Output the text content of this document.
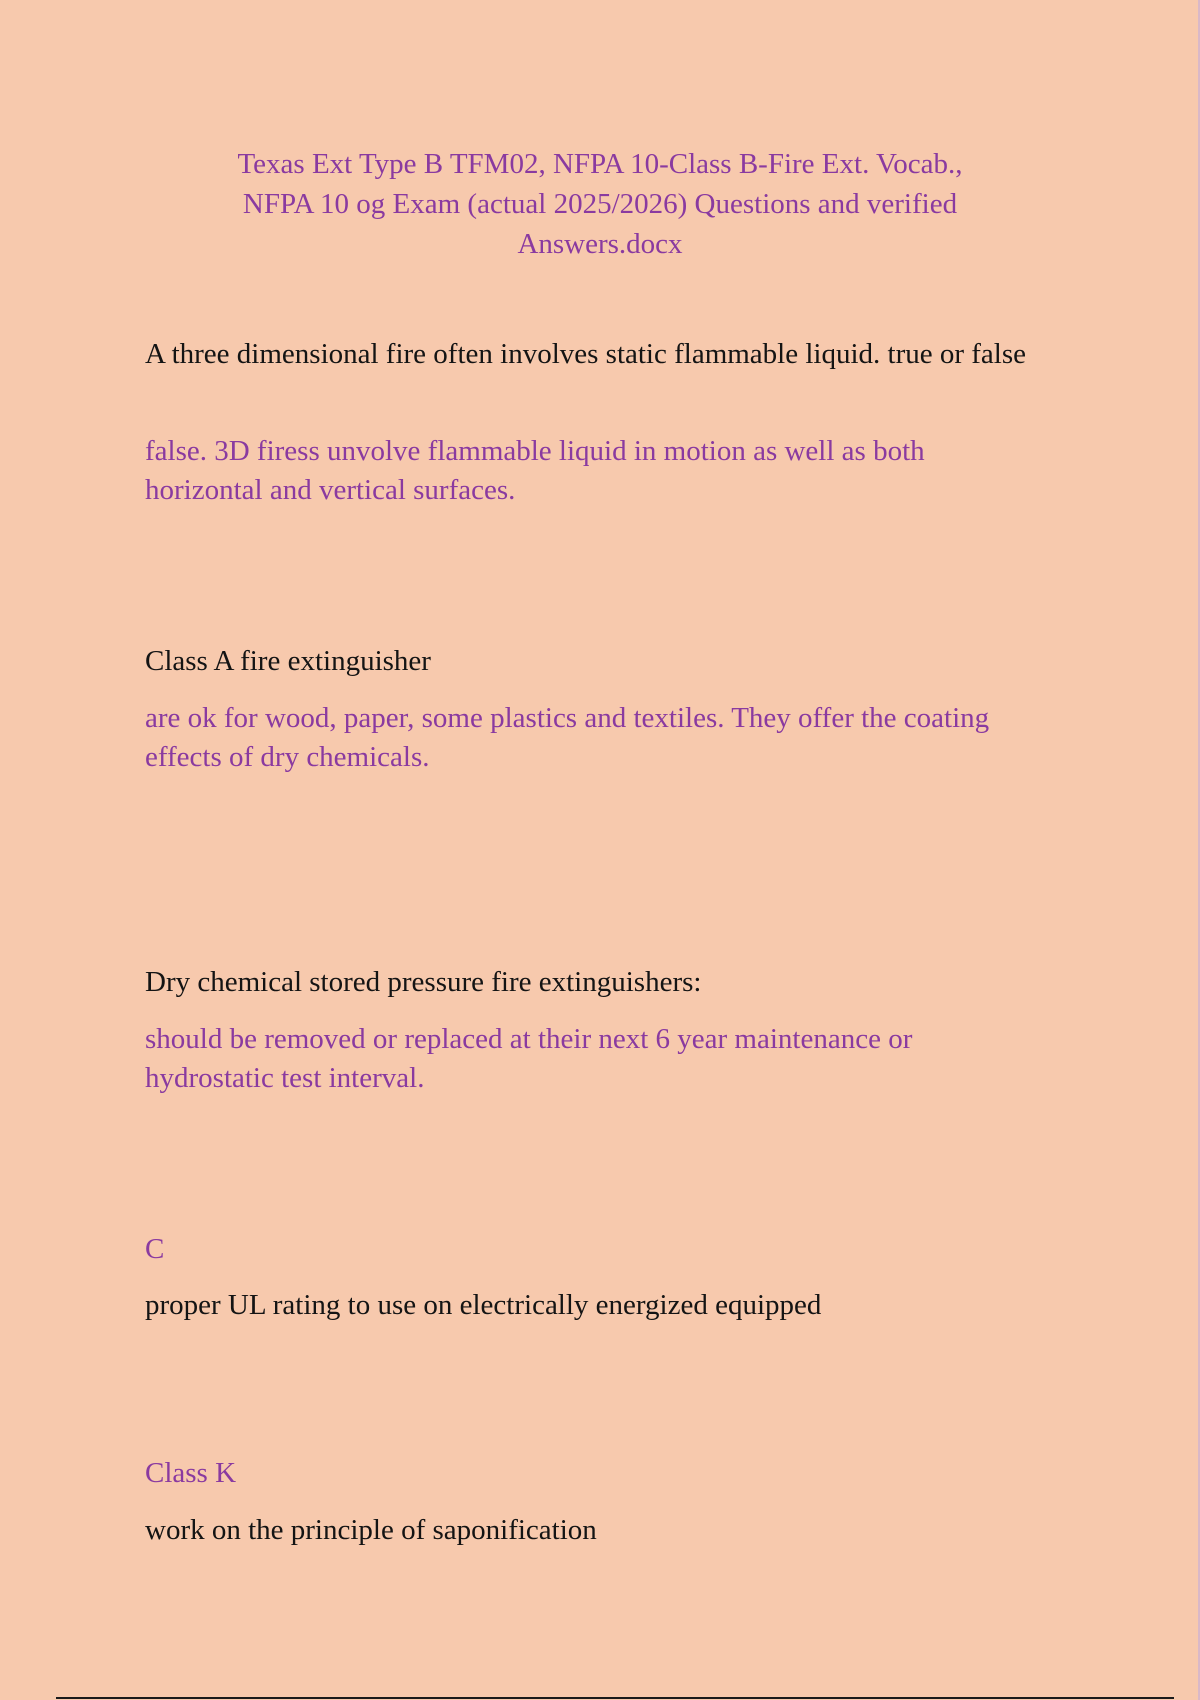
Texas Ext Type B TFM02, NFPA 10-Class B-Fire Ext. Vocab.,
NFPA 10 og Exam (actual 2025/2026) Questions and verified
Answers.docx
A three dimensional fire often involves static flammable liquid. true or false
false. 3D firess unvolve flammable liquid in motion as well as both horizontal and vertical surfaces.
Class A fire extinguisher
are ok for wood, paper, some plastics and textiles. They offer the coating effects of dry chemicals.
Dry chemical stored pressure fire extinguishers:
should be removed or replaced at their next 6 year maintenance or hydrostatic test interval.
C
proper UL rating to use on electrically energized equipped
Class K
work on the principle of saponification
